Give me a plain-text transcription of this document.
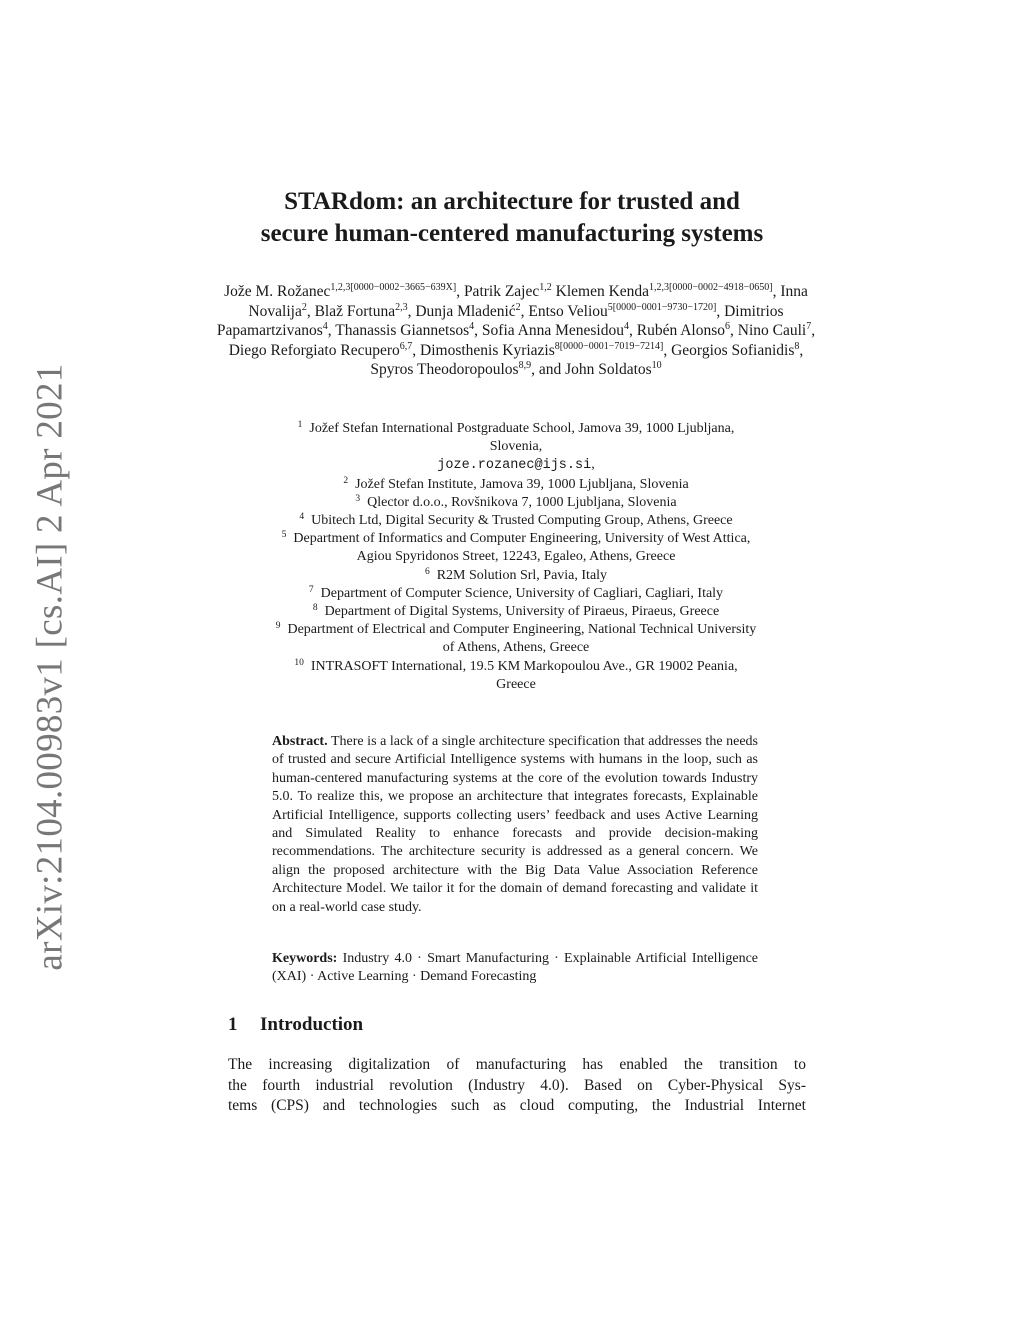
arXiv:2104.00983v1 [cs.AI] 2 Apr 2021
STARdom: an architecture for trusted and
secure human-centered manufacturing systems
Jože M. Rožanec$^{1,2,3[0000-0002-3665-639X]}$, Patrik Zajec$^{1,2}$ Klemen Kenda$^{1,2,3[0000-0002-4918-0650]}$, Inna Novalija$^2$, Blaž Fortuna$^{2,3}$, Dunja Mladenić$^2$, Entso Veliou$^{5[0000-0001-9730-1720]}$, Dimitrios Papamartzivanos$^4$, Thanassis Giannetsos$^4$, Sofia Anna Menesidou$^4$, Rubén Alonso$^6$, Nino Cauli$^7$, Diego Reforgiato Recupero$^{6,7}$, Dimosthenis Kyriazis$^{8[0000-0001-7019-7214]}$, Georgios Sofianidis$^8$, Spyros Theodoropoulos$^{8,9}$, and John Soldatos$^{10}$
$^1$  Jožef Stefan International Postgraduate School, Jamova 39, 1000 Ljubljana,
Slovenia,
joze.rozanec@ijs.si,
$^2$  Jožef Stefan Institute, Jamova 39, 1000 Ljubljana, Slovenia
$^3$  Qlector d.o.o., Rovšnikova 7, 1000 Ljubljana, Slovenia
$^4$  Ubitech Ltd, Digital Security & Trusted Computing Group, Athens, Greece
$^5$  Department of Informatics and Computer Engineering, University of West Attica,
Agiou Spyridonos Street, 12243, Egaleo, Athens, Greece
$^6$  R2M Solution Srl, Pavia, Italy
$^7$  Department of Computer Science, University of Cagliari, Cagliari, Italy
$^8$  Department of Digital Systems, University of Piraeus, Piraeus, Greece
$^9$  Department of Electrical and Computer Engineering, National Technical University
of Athens, Athens, Greece
$^{10}$  INTRASOFT International, 19.5 KM Markopoulou Ave., GR 19002 Peania,
Greece
Abstract. There is a lack of a single architecture specification that addresses the needs of trusted and secure Artificial Intelligence systems with humans in the loop, such as human-centered manufacturing systems at the core of the evolution towards Industry 5.0. To realize this, we propose an architecture that integrates forecasts, Explainable Artificial Intelligence, supports collecting users’ feedback and uses Active Learning and Simulated Reality to enhance forecasts and provide decision-making recommendations. The architecture security is addressed as a general concern. We align the proposed architecture with the Big Data Value Association Reference Architecture Model. We tailor it for the domain of demand forecasting and validate it on a real-world case study.
Keywords: Industry 4.0 · Smart Manufacturing · Explainable Artificial Intelligence (XAI) · Active Learning · Demand Forecasting
1 Introduction
The increasing digitalization of manufacturing has enabled the transition to
the fourth industrial revolution (Industry 4.0). Based on Cyber-Physical Sys-
tems (CPS) and technologies such as cloud computing, the Industrial Internet
